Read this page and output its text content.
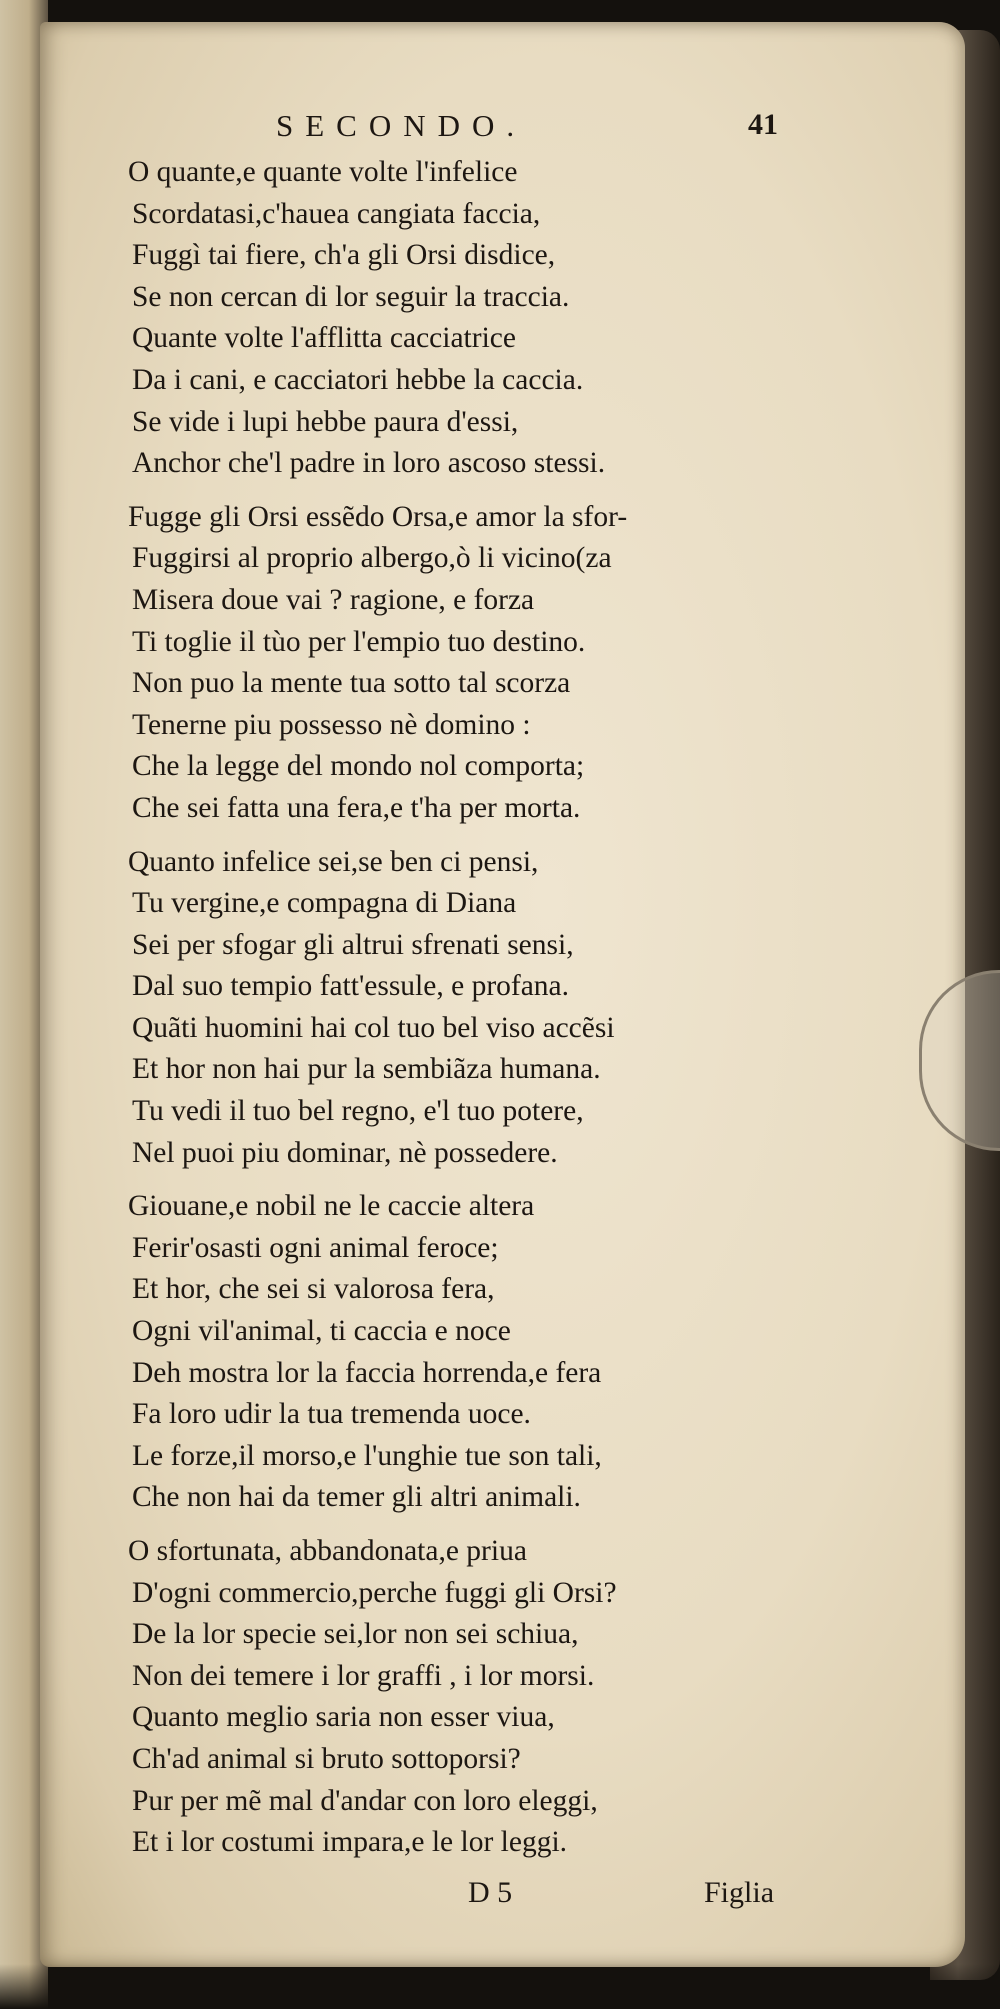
SECONDO.	41
O quante,e quante volte l'infelice
Scordatasi,c'hauea cangiata faccia,
Fuggì tai fiere, ch'a gli Orsi disdice,
Se non cercan di lor seguir la traccia.
Quante volte l'afflitta cacciatrice
Da i cani, e cacciatori hebbe la caccia.
Se vide i lupi hebbe paura d'essi,
Anchor che'l padre in loro ascoso stessi.
Fugge gli Orsi essẽdo Orsa,e amor la sfor-
Fuggirsi al proprio albergo,ò li vicino(za
Misera doue vai ? ragione, e forza
Ti toglie il tùo per l'empio tuo destino.
Non puo la mente tua sotto tal scorza
Tenerne piu possesso nè domino :
Che la legge del mondo nol comporta;
Che sei fatta una fera,e t'ha per morta.
Quanto infelice sei,se ben ci pensi,
Tu vergine,e compagna di Diana
Sei per sfogar gli altrui sfrenati sensi,
Dal suo tempio fatt'essule, e profana.
Quãti huomini hai col tuo bel viso accẽsi
Et hor non hai pur la sembiãza humana.
Tu vedi il tuo bel regno, e'l tuo potere,
Nel puoi piu dominar, nè possedere.
Giouane,e nobil ne le caccie altera
Ferir'osasti ogni animal feroce;
Et hor, che sei si valorosa fera,
Ogni vil'animal, ti caccia e noce
Deh mostra lor la faccia horrenda,e fera
Fa loro udir la tua tremenda uoce.
Le forze,il morso,e l'unghie tue son tali,
Che non hai da temer gli altri animali.
O sfortunata, abbandonata,e priua
D'ogni commercio,perche fuggi gli Orsi?
De la lor specie sei,lor non sei schiua,
Non dei temere i lor graffi , i lor morsi.
Quanto meglio saria non esser viua,
Ch'ad animal si bruto sottoporsi?
Pur per mẽ mal d'andar con loro eleggi,
Et i lor costumi impara,e le lor leggi.
D 5	Figlia
